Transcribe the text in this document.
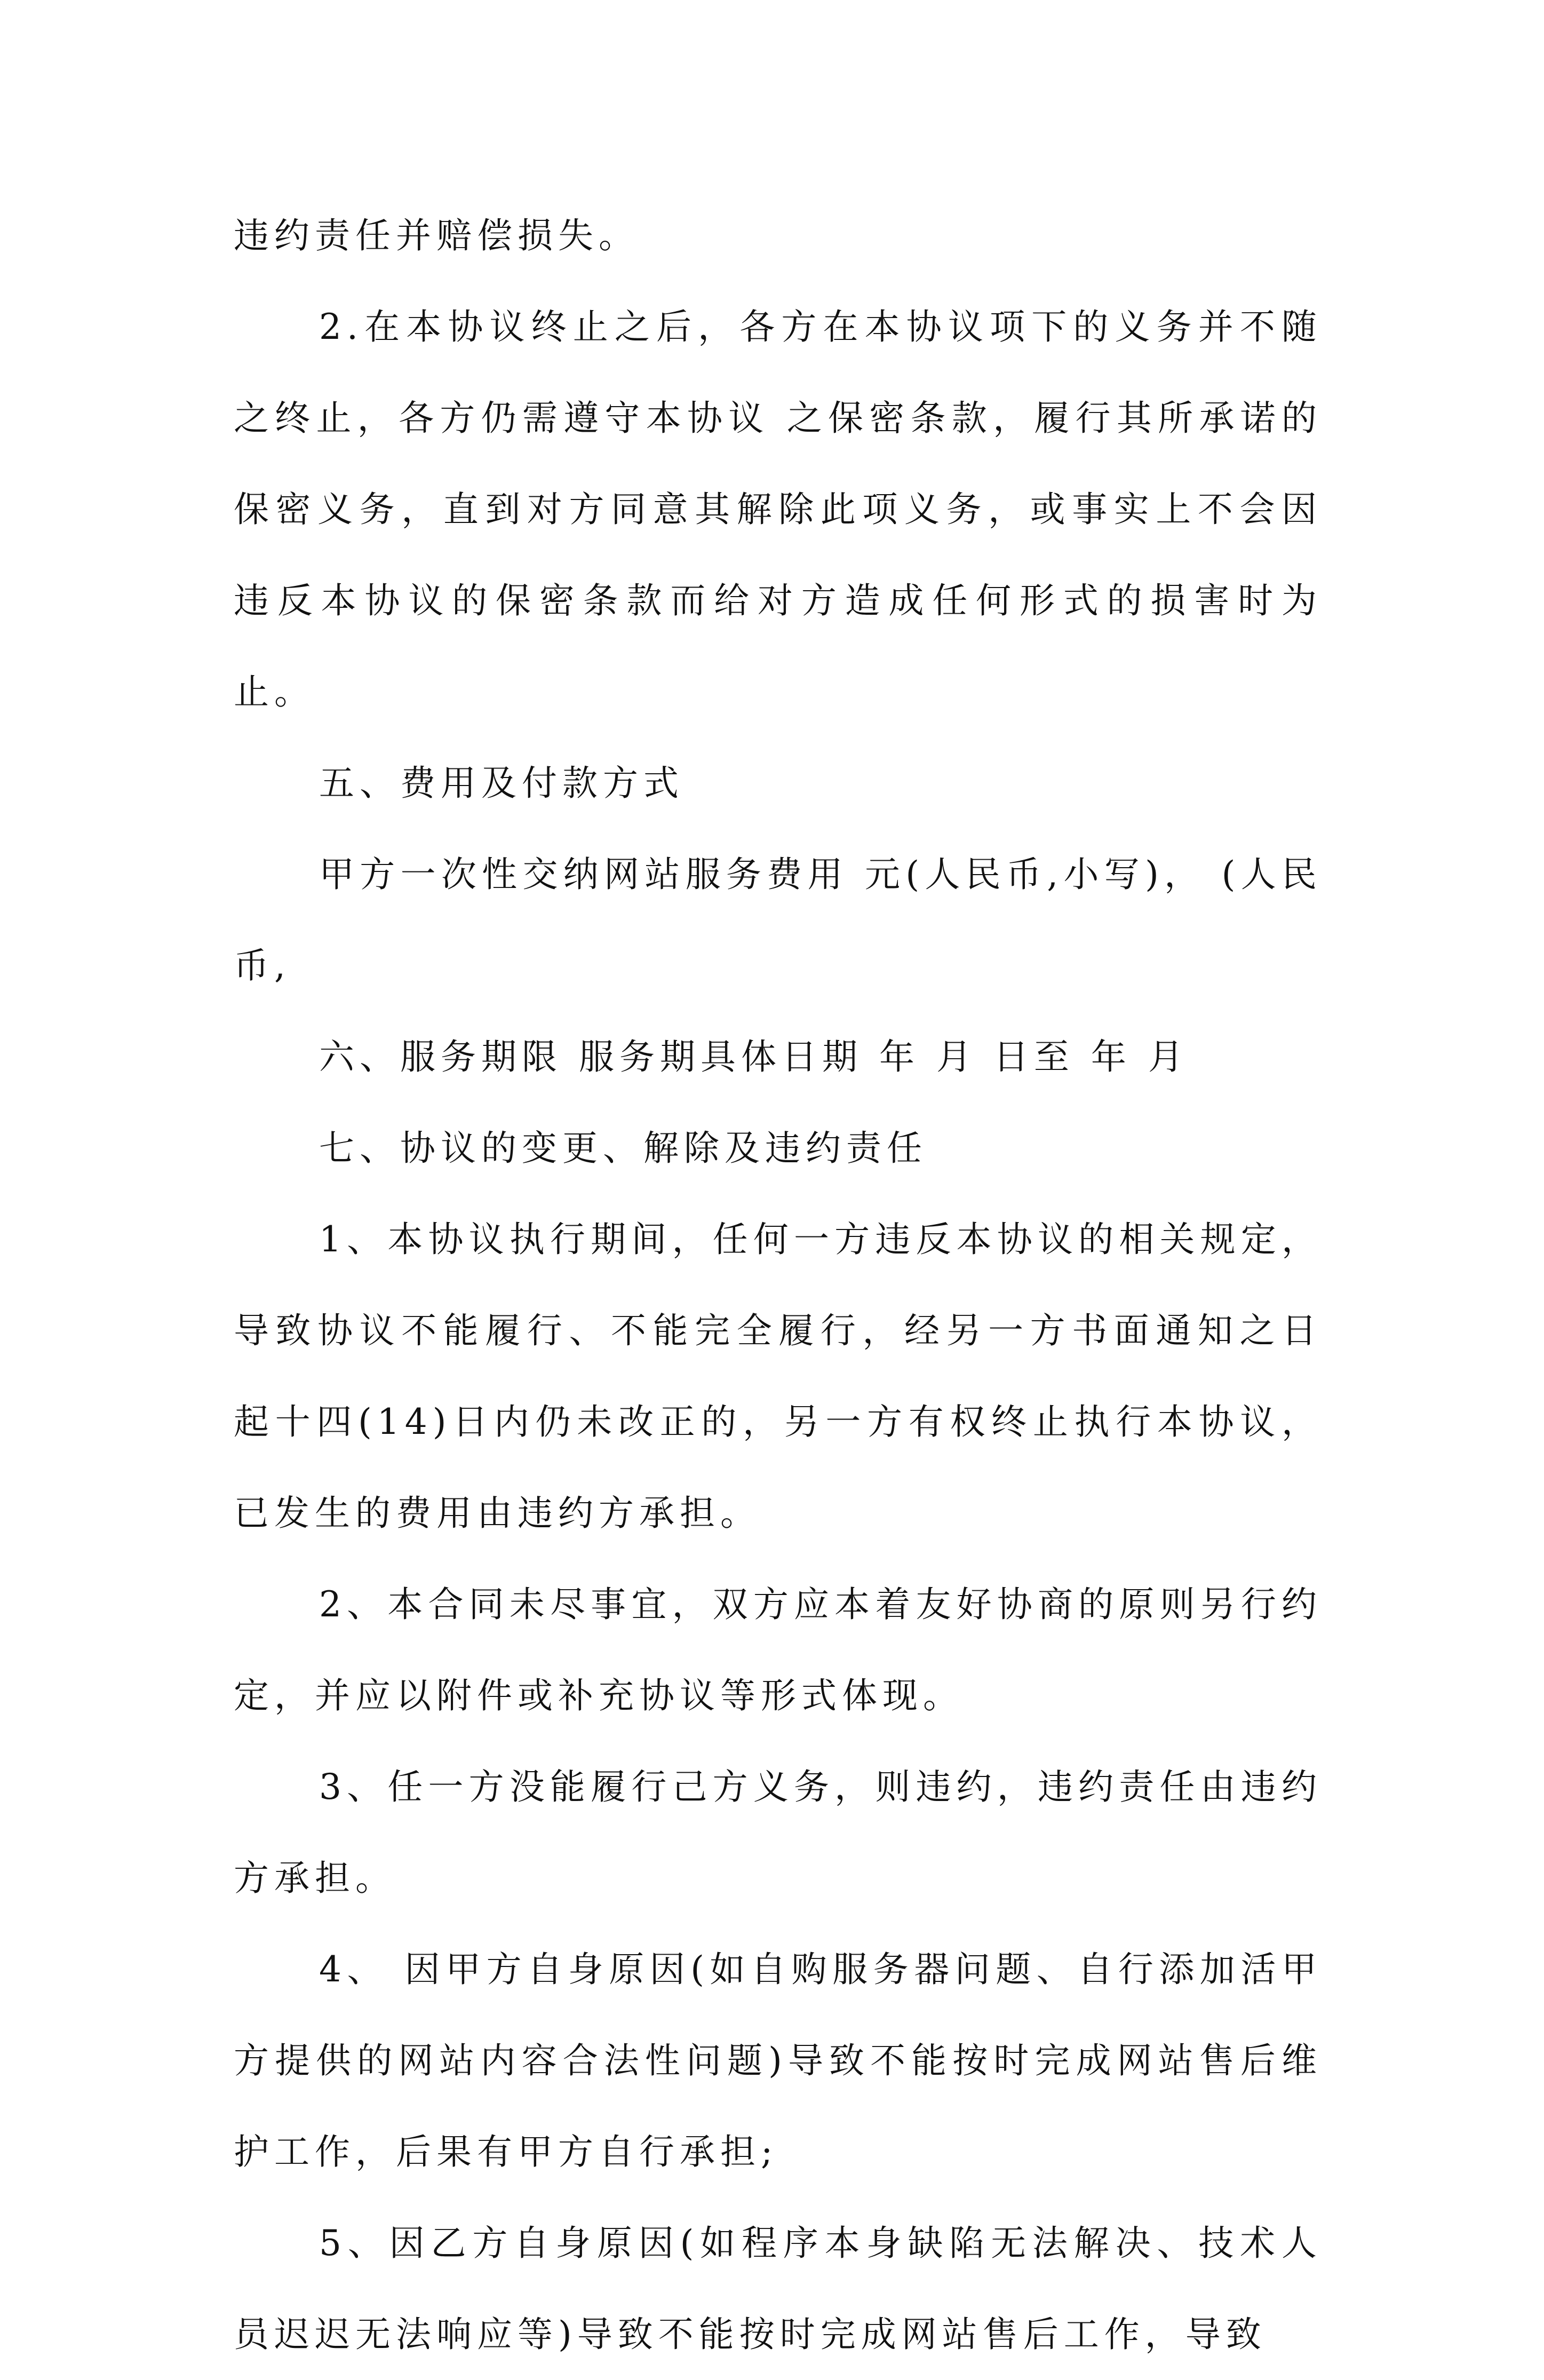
违约责任并赔偿损失。

2.在本协议终止之后，各方在本协议项下的义务并不随之终止，各方仍需遵守本协议 之保密条款，履行其所承诺的保密义务，直到对方同意其解除此项义务，或事实上不会因违反本协议的保密条款而给对方造成任何形式的损害时为止。

五、费用及付款方式

甲方一次性交纳网站服务费用 元(人民币,小写)， (人民币,

六、服务期限 服务期具体日期 年 月 日至 年 月

七、协议的变更、解除及违约责任

1、本协议执行期间，任何一方违反本协议的相关规定，导致协议不能履行、不能完全履行，经另一方书面通知之日起十四(14)日内仍未改正的，另一方有权终止执行本协议，已发生的费用由违约方承担。

2、本合同未尽事宜，双方应本着友好协商的原则另行约定，并应以附件或补充协议等形式体现。

3、任一方没能履行己方义务，则违约，违约责任由违约方承担。

4、 因甲方自身原因(如自购服务器问题、自行添加活甲方提供的网站内容合法性问题)导致不能按时完成网站售后维护工作，后果有甲方自行承担;

5、因乙方自身原因(如程序本身缺陷无法解决、技术人员迟迟无法响应等)导致不能按时完成网站售后工作，导致
